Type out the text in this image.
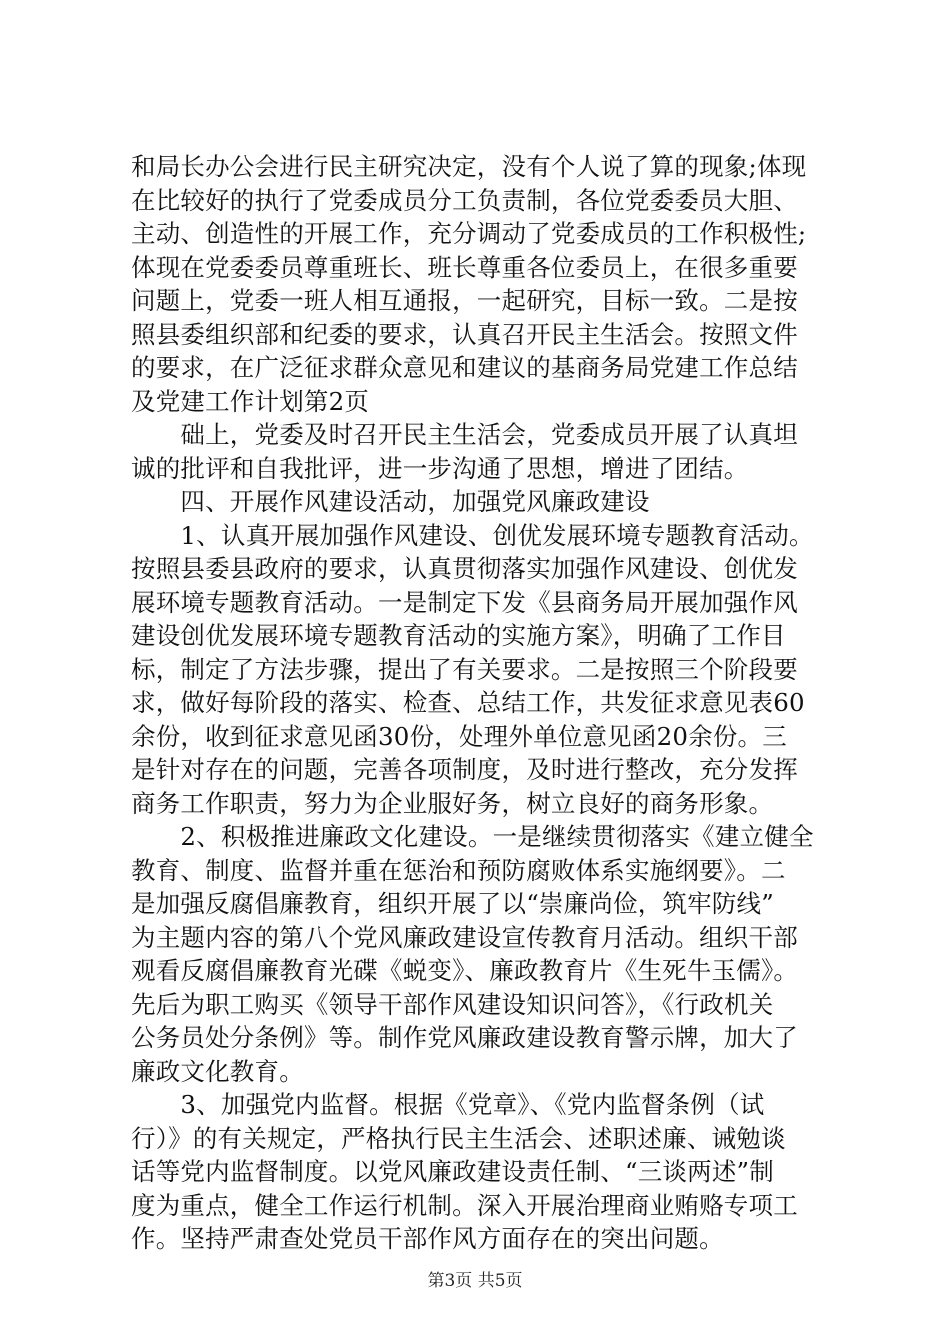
和局长办公会进行民主研究决定，没有个人说了算的现象;体现
在比较好的执行了党委成员分工负责制，各位党委委员大胆、
主动、创造性的开展工作，充分调动了党委成员的工作积极性;
体现在党委委员尊重班长、班长尊重各位委员上，在很多重要
问题上，党委一班人相互通报，一起研究，目标一致。二是按
照县委组织部和纪委的要求，认真召开民主生活会。按照文件
的要求，在广泛征求群众意见和建议的基商务局党建工作总结
及党建工作计划第2页
　　础上，党委及时召开民主生活会，党委成员开展了认真坦
诚的批评和自我批评，进一步沟通了思想，增进了团结。
　　四、开展作风建设活动，加强党风廉政建设
　　1、认真开展加强作风建设、创优发展环境专题教育活动。
按照县委县政府的要求，认真贯彻落实加强作风建设、创优发
展环境专题教育活动。一是制定下发《县商务局开展加强作风
建设创优发展环境专题教育活动的实施方案》，明确了工作目
标，制定了方法步骤，提出了有关要求。二是按照三个阶段要
求，做好每阶段的落实、检查、总结工作，共发征求意见表60
余份，收到征求意见函30份，处理外单位意见函20余份。三
是针对存在的问题，完善各项制度，及时进行整改，充分发挥
商务工作职责，努力为企业服好务，树立良好的商务形象。
　　2、积极推进廉政文化建设。一是继续贯彻落实《建立健全
教育、制度、监督并重在惩治和预防腐败体系实施纲要》。二
是加强反腐倡廉教育，组织开展了以“崇廉尚俭，筑牢防线”
为主题内容的第八个党风廉政建设宣传教育月活动。组织干部
观看反腐倡廉教育光碟《蜕变》、廉政教育片《生死牛玉儒》。
先后为职工购买《领导干部作风建设知识问答》，《行政机关
公务员处分条例》等。制作党风廉政建设教育警示牌，加大了
廉政文化教育。
　　3、加强党内监督。根据《党章》、《党内监督条例（试
行）》的有关规定，严格执行民主生活会、述职述廉、诫勉谈
话等党内监督制度。以党风廉政建设责任制、“三谈两述”制
度为重点，健全工作运行机制。深入开展治理商业贿赂专项工
作。坚持严肃查处党员干部作风方面存在的突出问题。
第3页 共5页
